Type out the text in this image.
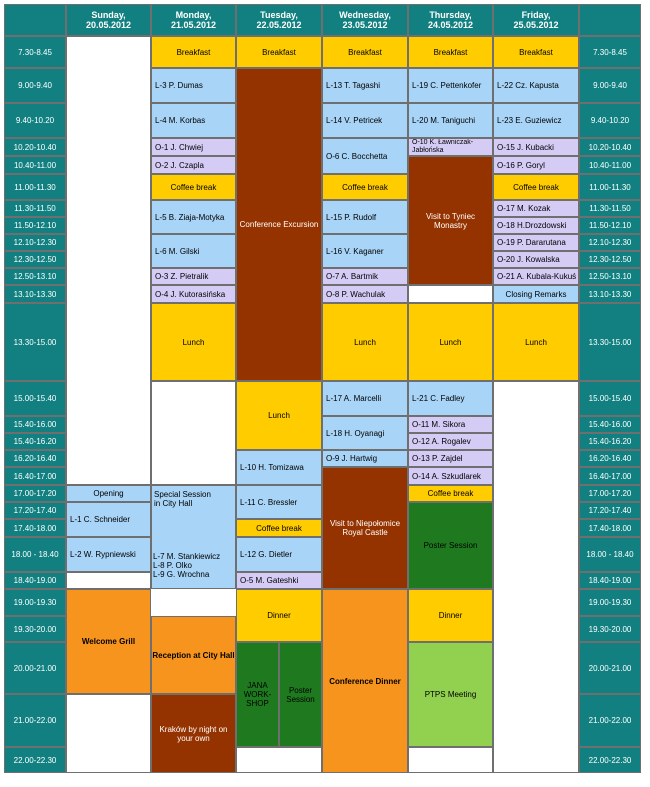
Sunday,
20.05.2012
Monday,
21.05.2012
Tuesday,
22.05.2012
Wednesday,
23.05.2012
Thursday,
24.05.2012
Friday,
25.05.2012
7.30-8.45
9.00-9.40
9.40-10.20
10.20-10.40
10.40-11.00
11.00-11.30
11.30-11.50
11.50-12.10
12.10-12.30
12.30-12.50
12.50-13.10
13.10-13.30
13.30-15.00
15.00-15.40
15.40-16.00
15.40-16.20
16.20-16.40
16.40-17.00
17.00-17.20
17.20-17.40
17.40-18.00
18.00 - 18.40
18.40-19.00
19.00-19.30
19.30-20.00
20.00-21.00
21.00-22.00
22.00-22.30
7.30-8.45
9.00-9.40
9.40-10.20
10.20-10.40
10.40-11.00
11.00-11.30
11.30-11.50
11.50-12.10
12.10-12.30
12.30-12.50
12.50-13.10
13.10-13.30
13.30-15.00
15.00-15.40
15.40-16.00
15.40-16.20
16.20-16.40
16.40-17.00
17.00-17.20
17.20-17.40
17.40-18.00
18.00 - 18.40
18.40-19.00
19.00-19.30
19.30-20.00
20.00-21.00
21.00-22.00
22.00-22.30
Opening
L-1 C. Schneider
L-2 W. Rypniewski
Welcome Grill
Breakfast
L-3 P. Dumas
L-4 M. Korbas
O-1 J. Chwiej
O-2 J. Czapla
Coffee break
L-5 B. Ziaja-Motyka
L-6 M. Gilski
O-3 Z. Pietralik
O-4 J. Kutorasińska
Lunch
Special Session
in City Hall
L-7 M. Stankiewicz
L-8 P. Olko
L-9 G. Wrochna
Reception at City Hall
Kraków by night on
your own
Breakfast
Conference Excursion
Lunch
L-10 H. Tomizawa
L-11 C. Bressler
Coffee break
L-12 G. Dietler
O-5 M. Gateshki
Dinner
JANA
WORK-
SHOP
Poster
Session
Breakfast
L-13 T. Tagashi
L-14 V. Petricek
O-6 C. Bocchetta
Coffee break
L-15 P. Rudolf
L-16 V. Kaganer
O-7 A. Bartmik
O-8 P. Wachulak
Lunch
L-17 A. Marcelli
L-18 H. Oyanagi
O-9 J. Hartwig
Visit to Niepołomice
Royal Castle
Conference Dinner
Breakfast
L-19 C. Pettenkofer
L-20 M. Taniguchi
O-10 K. Ławniczak-
Jabłońska
Visit to Tyniec
Monastry
Lunch
L-21 C. Fadley
O-11 M. Sikora
O-12 A. Rogalev
O-13 P. Zajdel
O-14 A. Szkudlarek
Coffee break
Poster Session
Dinner
PTPS Meeting
Breakfast
L-22 Cz. Kapusta
L-23 E. Guziewicz
O-15 J. Kubacki
O-16 P. Goryl
Coffee break
O-17 M. Kozak
O-18 H.Drozdowski
O-19 P. Dararutana
O-20 J. Kowalska
O-21 A. Kubala-Kukuś
Closing Remarks
Lunch
